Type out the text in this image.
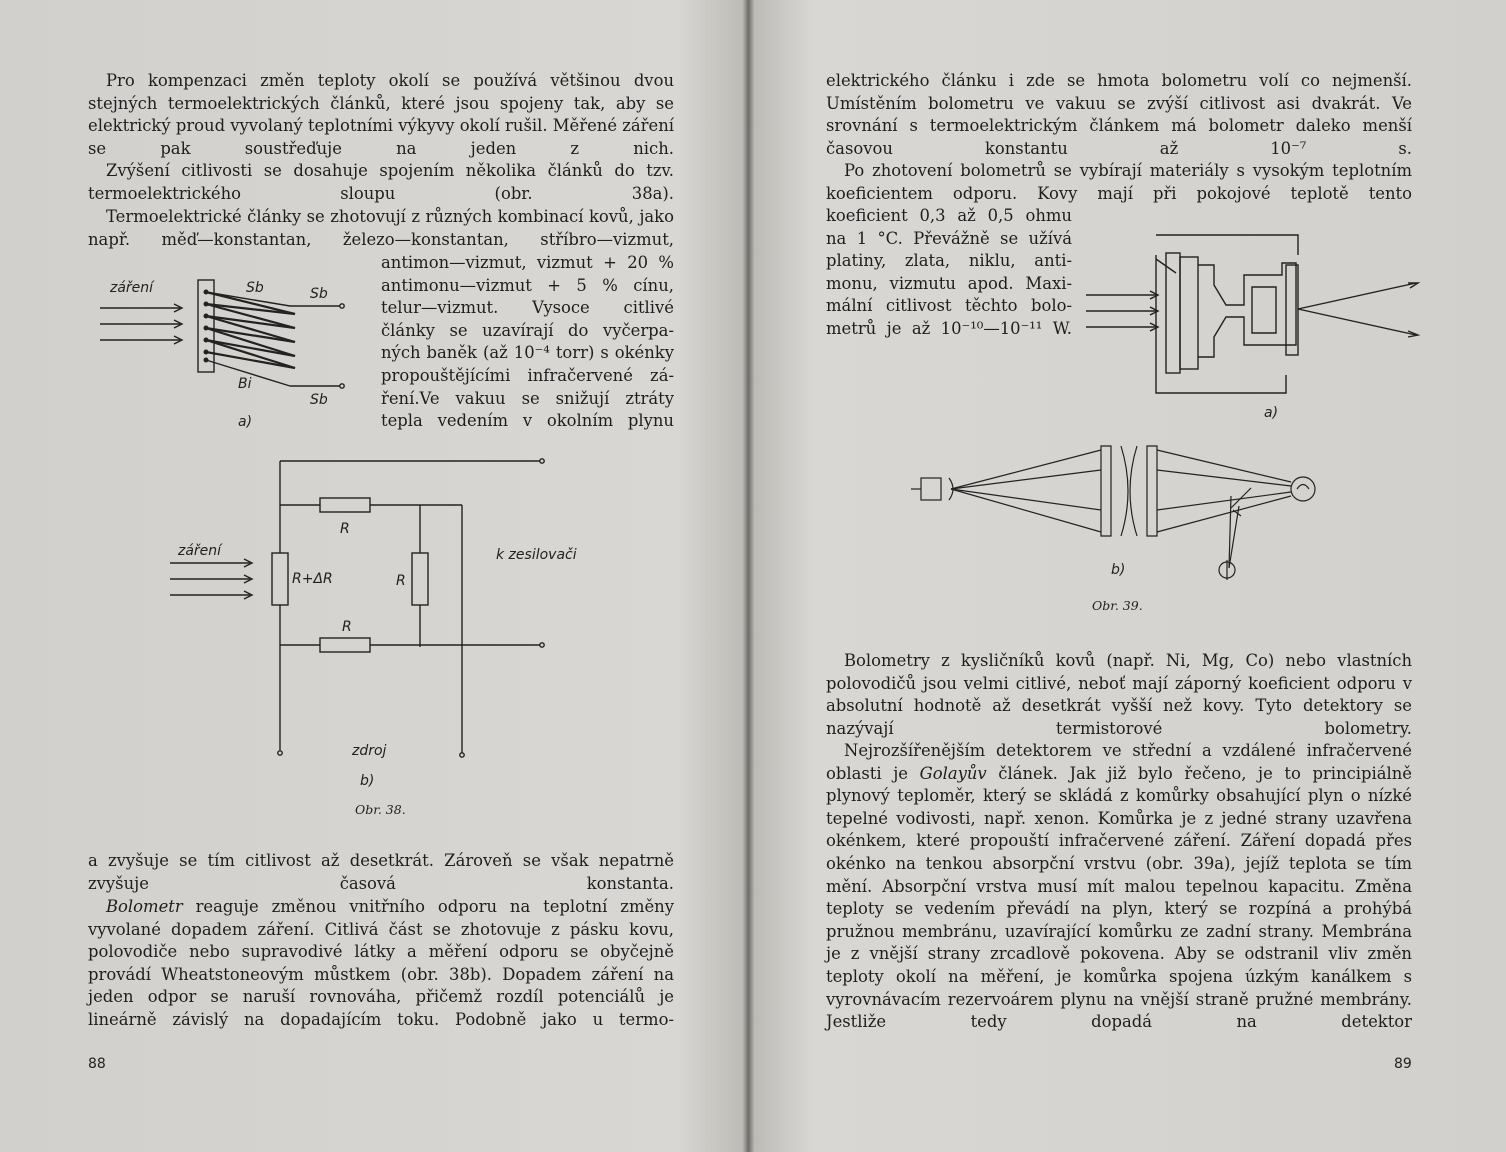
Pro kompenzaci změn teploty okolí se používá většinou dvou stejných termoelektrických článků, které jsou spojeny tak, aby se elektrický proud vyvolaný teplotními výkyvy okolí rušil. Měřené záření se pak soustřeďuje na jeden z nich.
Zvýšení citlivosti se dosahuje spojením několika článků do tzv. termoelektrického sloupu (obr. 38a).
Termoelektrické články se zhotovují z různých kombinací kovů, jako např. měď—konstantan, železo—konstantan, stříbro—vizmut,
antimon—vizmut, vizmut + 20 %
antimonu—vizmut + 5 % cínu,
telur—vizmut. Vysoce citlivé
články se uzavírají do vyčerpa-
ných baněk (až 10⁻⁴ torr) s okénky
propouštějícími infračervené zá-
ření.Ve vakuu se snižují ztráty
tepla vedením v okolním plynu
záření	Sb	Sb
Bi
Sb
a)
záření
R
R+ΔR	R
R
k zesilovači
zdroj
b)
Obr. 38.
a zvyšuje se tím citlivost až desetkrát. Zároveň se však nepatrně zvyšuje časová konstanta.
Bolometr reaguje změnou vnitřního odporu na teplotní změny vyvolané dopadem záření. Citlivá část se zhotovuje z pásku kovu, polovodiče nebo supravodivé látky a měření odporu se obyčejně provádí Wheatstoneovým můstkem (obr. 38b). Dopadem záření na jeden odpor se naruší rovnováha, přičemž rozdíl potenciálů je lineárně závislý na dopadajícím toku. Podobně jako u termo-
88
elektrického článku i zde se hmota bolometru volí co nejmenší. Umístěním bolometru ve vakuu se zvýší citlivost asi dvakrát. Ve srovnání s termoelektrickým článkem má bolometr daleko menší časovou konstantu až 10⁻⁷ s.
Po zhotovení bolometrů se vybírají materiály s vysokým teplotním koeficientem odporu. Kovy mají při pokojové teplotě tento
koeficient 0,3 až 0,5 ohmu
na 1 °C. Převážně se užívá
platiny, zlata, niklu, anti-
monu, vizmutu apod. Maxi-
mální citlivost těchto bolo-
metrů je až 10⁻¹⁰—10⁻¹¹ W.
a)
b)
Obr. 39.
Bolometry z kysličníků kovů (např. Ni, Mg, Co) nebo vlastních polovodičů jsou velmi citlivé, neboť mají záporný koeficient odporu v absolutní hodnotě až desetkrát vyšší než kovy. Tyto detektory se nazývají termistorové bolometry.
Nejrozšířenějším detektorem ve střední a vzdálené infračervené oblasti je Golayův článek. Jak již bylo řečeno, je to principiálně plynový teploměr, který se skládá z komůrky obsahující plyn o nízké tepelné vodivosti, např. xenon. Komůrka je z jedné strany uzavřena okénkem, které propouští infračervené záření. Záření dopadá přes okénko na tenkou absorpční vrstvu (obr. 39a), jejíž teplota se tím mění. Absorpční vrstva musí mít malou tepelnou kapacitu. Změna teploty se vedením převádí na plyn, který se rozpíná a prohýbá pružnou membránu, uzavírající komůrku ze zadní strany. Membrána je z vnější strany zrcadlově pokovena. Aby se odstranil vliv změn teploty okolí na měření, je komůrka spojena úzkým kanálkem s vyrovnávacím rezervoárem plynu na vnější straně pružné membrány. Jestliže tedy dopadá na detektor
89
